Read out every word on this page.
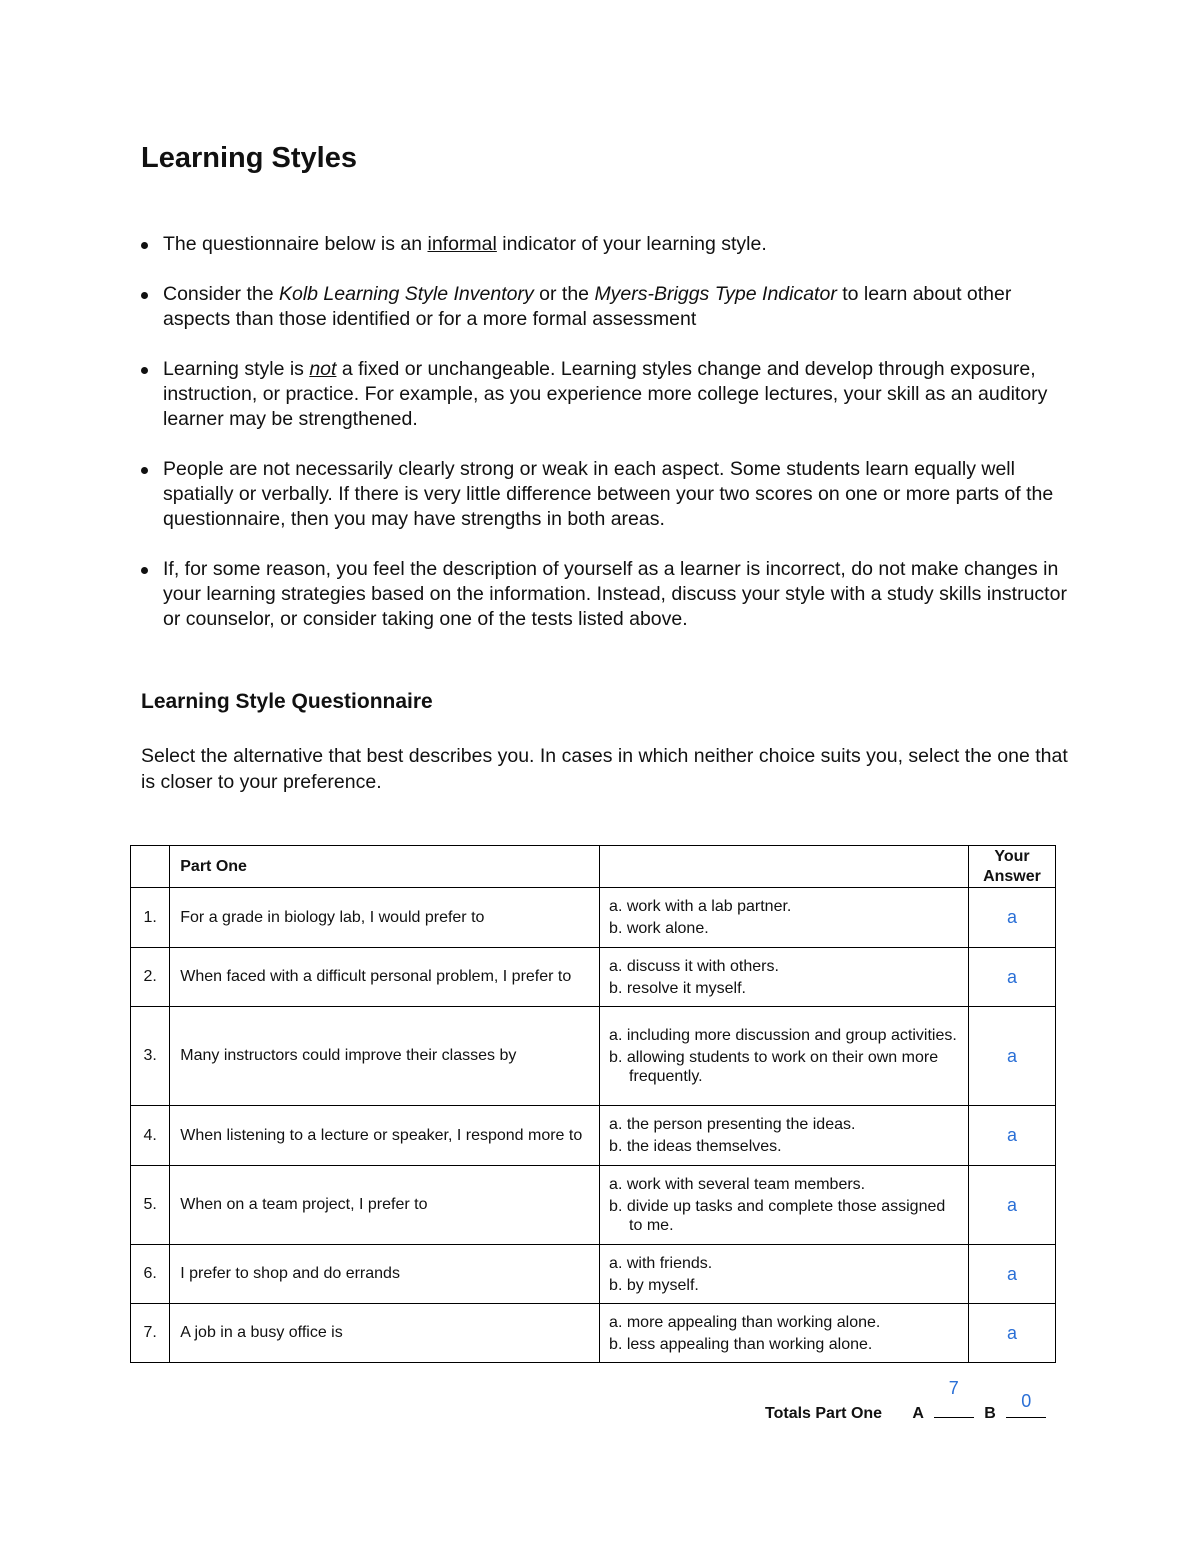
Learning Styles
The questionnaire below is an informal indicator of your learning style.
Consider the Kolb Learning Style Inventory or the Myers-Briggs Type Indicator to learn about other aspects than those identified or for a more formal assessment
Learning style is not a fixed or unchangeable. Learning styles change and develop through exposure, instruction, or practice. For example, as you experience more college lectures, your skill as an auditory learner may be strengthened.
People are not necessarily clearly strong or weak in each aspect. Some students learn equally well spatially or verbally. If there is very little difference between your two scores on one or more parts of the questionnaire, then you may have strengths in both areas.
If, for some reason, you feel the description of yourself as a learner is incorrect, do not make changes in your learning strategies based on the information. Instead, discuss your style with a study skills instructor or counselor, or consider taking one of the tests listed above.
Learning Style Questionnaire

Select the alternative that best describes you. In cases in which neither choice suits you, select the one that is closer to your preference.

	Part One		Your
Answer
1.	For a grade in biology lab, I would prefer to	a. work with a lab partner.
b. work alone.	a
2.	When faced with a difficult personal problem, I prefer to	a. discuss it with others.
b. resolve it myself.	a
3.	Many instructors could improve their classes by	a. including more discussion and group activities.
b. allowing students to work on their own more frequently.	a
4.	When listening to a lecture or speaker, I respond more to	a. the person presenting the ideas.
b. the ideas themselves.	a
5.	When on a team project, I prefer to	a. work with several team members.
b. divide up tasks and complete those assigned to me.	a
6.	I prefer to shop and do errands	a. with friends.
b. by myself.	a
7.	A job in a busy office is	a. more appealing than working alone.
b. less appealing than working alone.	a
Totals Part One A
7
B
0
